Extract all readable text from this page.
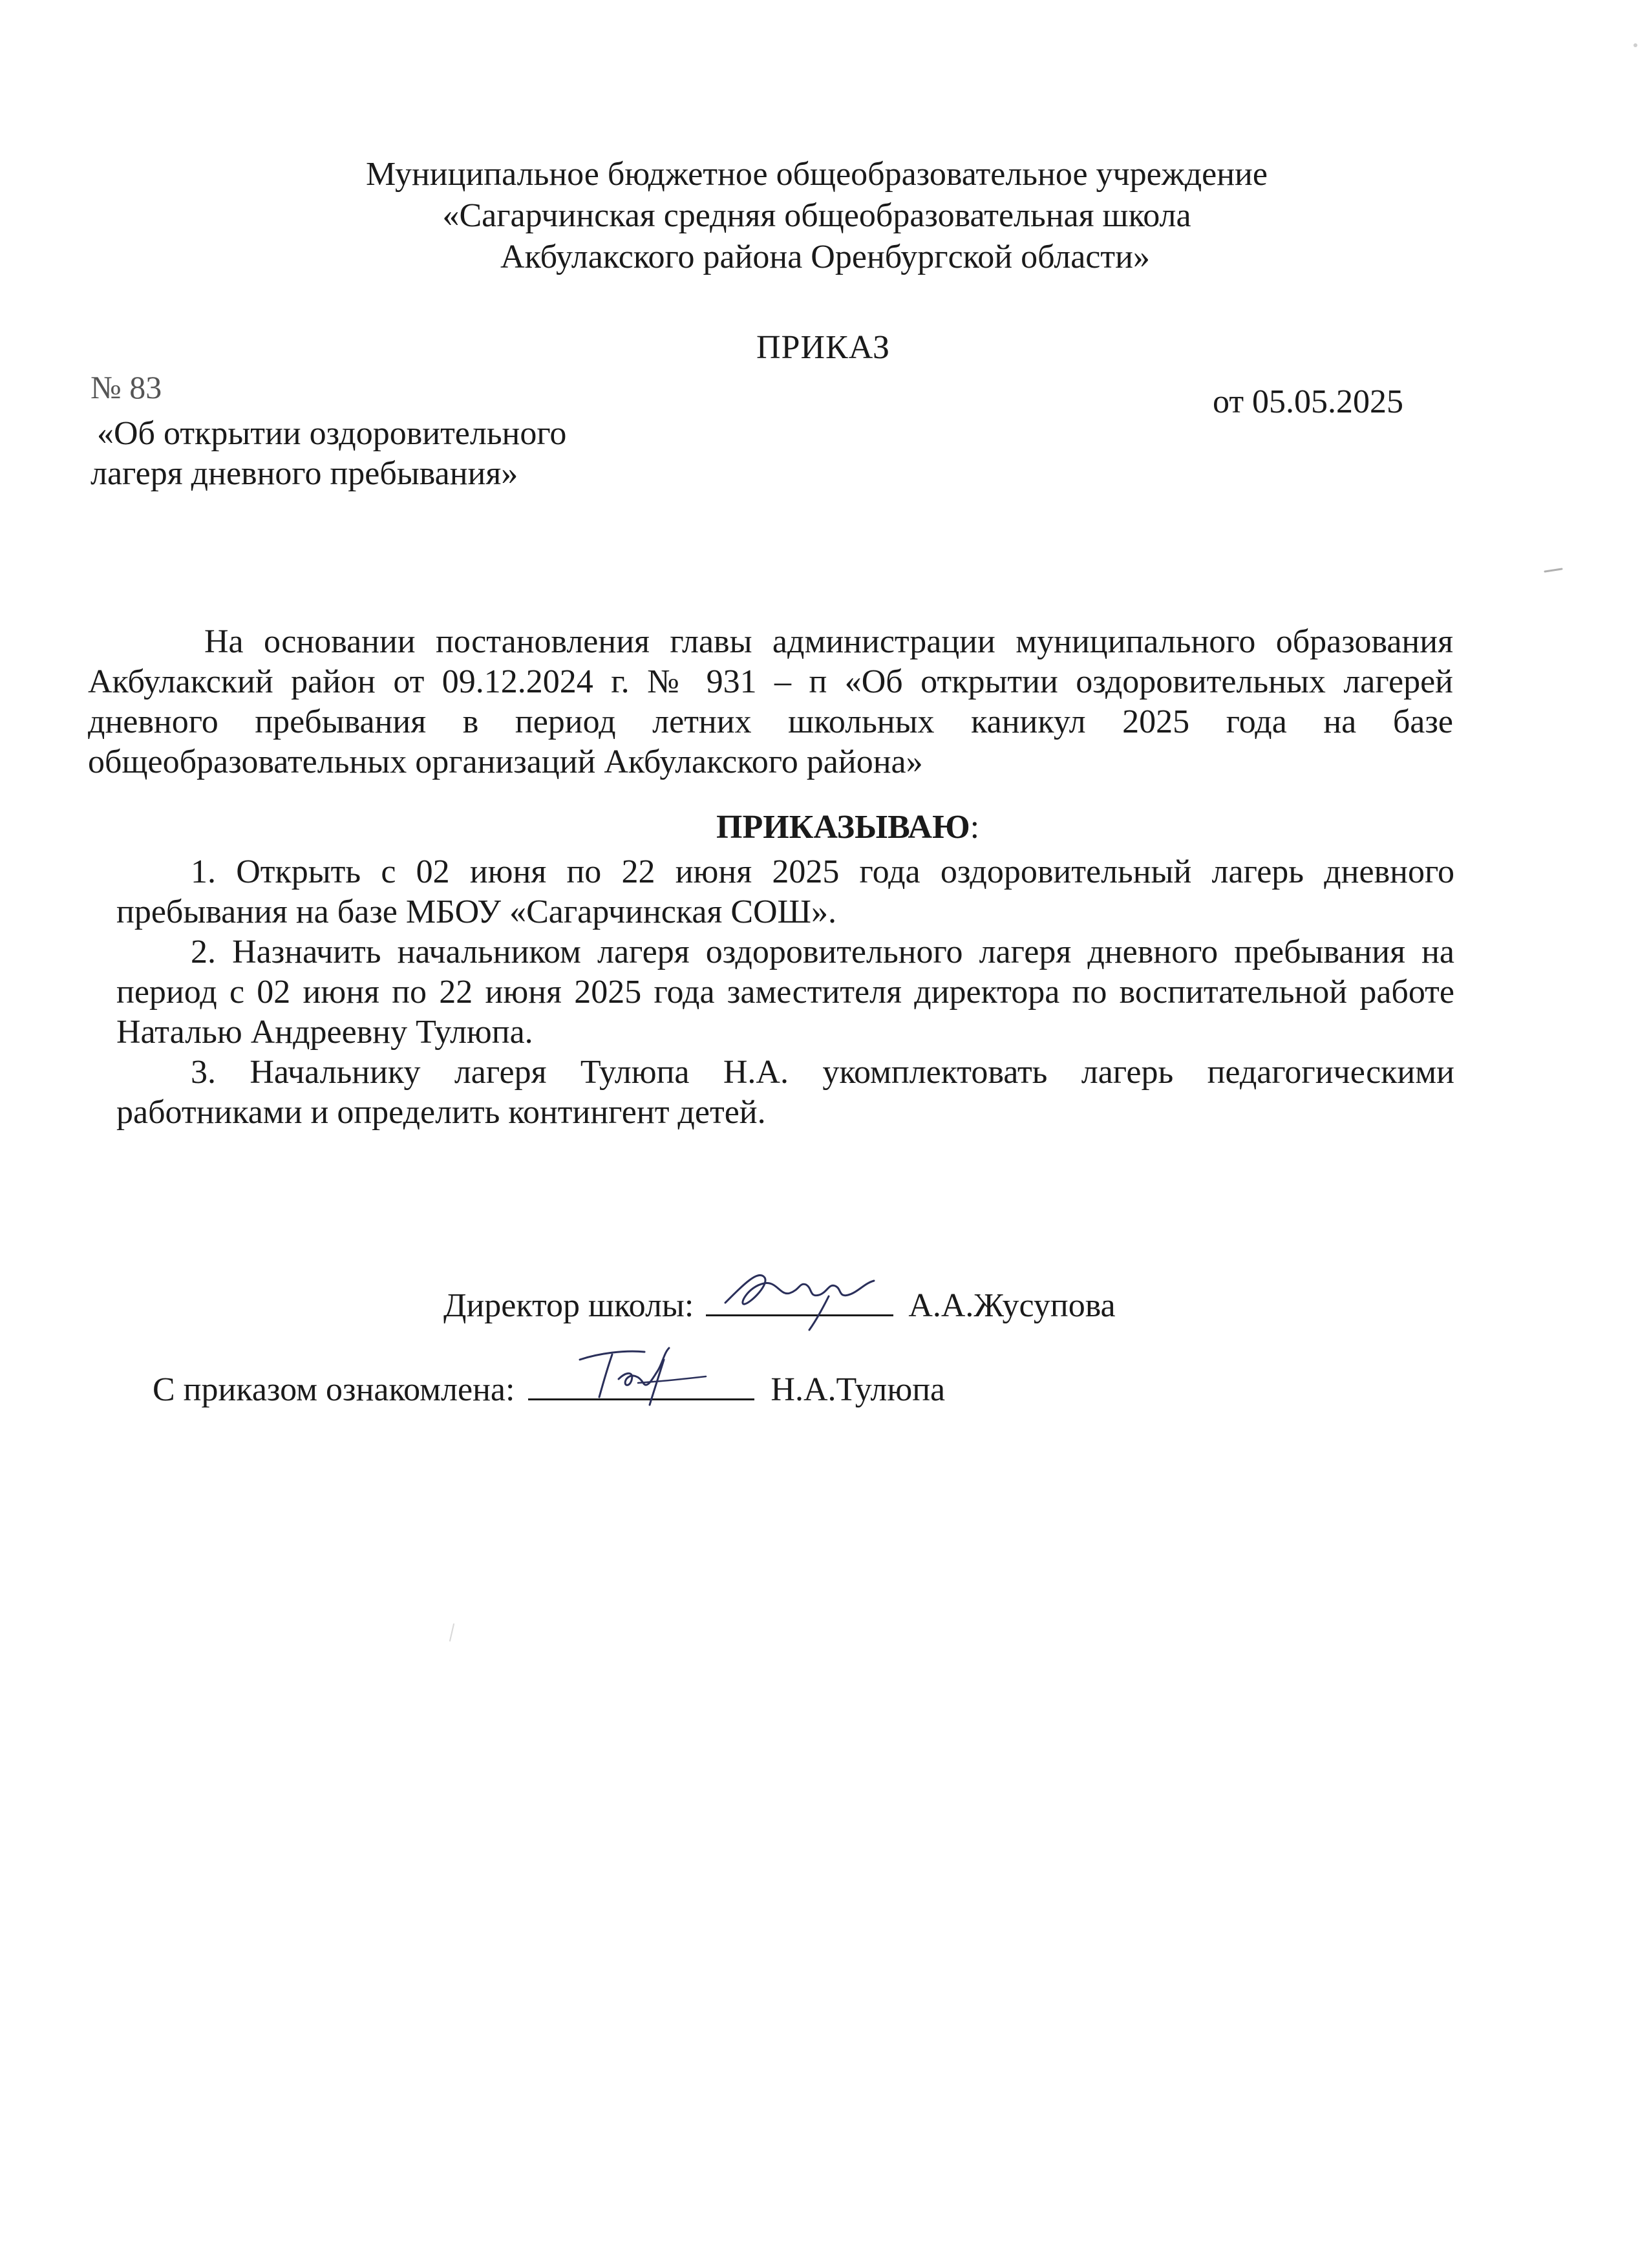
Муниципальное бюджетное общеобразовательное учреждение
«Сагарчинская средняя общеобразовательная школа
Акбулакского района Оренбургской области»
ПРИКАЗ
№ 83	от 05.05.2025
«Об открытии оздоровительного
лагеря дневного пребывания»

На основании постановления главы администрации муниципального образования Акбулакский район от 09.12.2024 г. № 931 – п «Об открытии оздоровительных лагерей дневного пребывания в период летних школьных каникул 2025 года на базе общеобразовательных организаций Акбулакского района»

ПРИКАЗЫВАЮ:

1. Открыть с 02 июня по 22 июня 2025 года оздоровительный лагерь дневного пребывания на базе МБОУ «Сагарчинская СОШ».

2. Назначить начальником лагеря оздоровительного лагеря дневного пребывания на период с 02 июня по 22 июня 2025 года заместителя директора по воспитательной работе Наталью Андреевну Тулюпа.

3. Начальнику лагеря Тулюпа Н.А. укомплектовать лагерь педагогическими работниками и определить контингент детей.

Директор школы:	А.А.Жусупова
С приказом ознакомлена:	Н.А.Тулюпа
